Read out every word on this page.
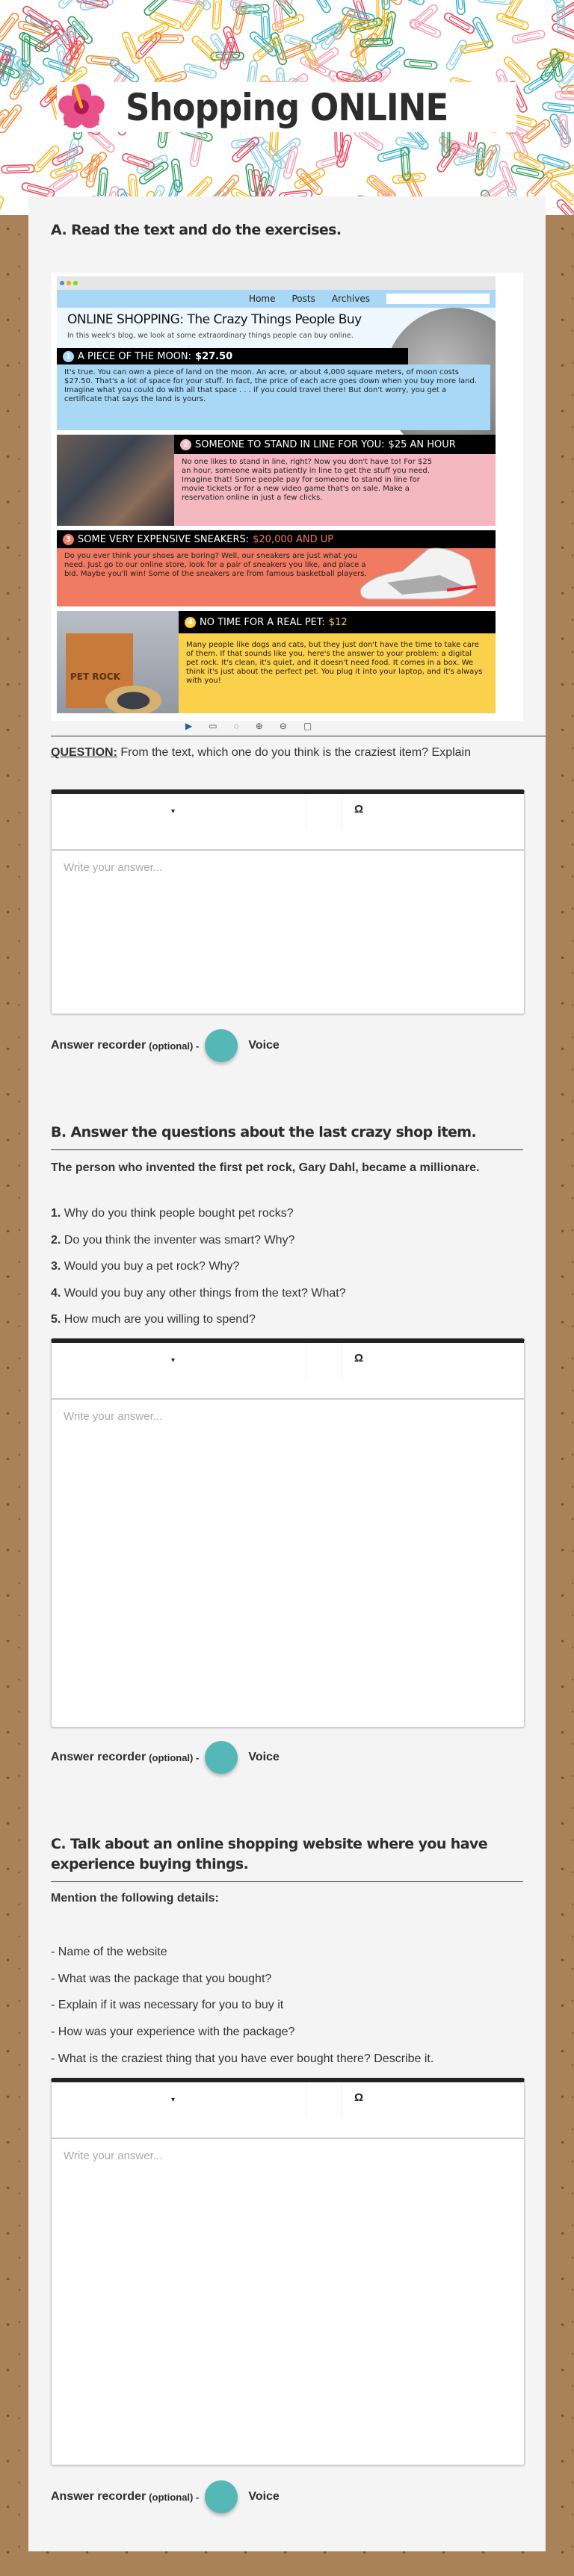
Shopping ONLINE
A. Read the text and do the exercises.
Home Posts Archives
ONLINE SHOPPING: The Crazy Things People Buy
In this week's blog, we look at some extraordinary things people can buy online.
1 A PIECE OF THE MOON: $27.50
It's true. You can own a piece of land on the moon. An acre, or about 4,000 square meters, of moon costs $27.50. That's a lot of space for your stuff. In fact, the price of each acre goes down when you buy more land. Imagine what you could do with all that space . . . if you could travel there! But don't worry, you get a certificate that says the land is yours.
2 SOMEONE TO STAND IN LINE FOR YOU: $25 AN HOUR
No one likes to stand in line, right? Now you don't have to! For $25 an hour, someone waits patiently in line to get the stuff you need. Imagine that! Some people pay for someone to stand in line for movie tickets or for a new video game that's on sale. Make a reservation online in just a few clicks.
3 SOME VERY EXPENSIVE SNEAKERS: $20,000 AND UP
Do you ever think your shoes are boring? Well, our sneakers are just what you need. Just go to our online store, look for a pair of sneakers you like, and place a bid. Maybe you'll win! Some of the sneakers are from famous basketball players.
PET ROCK
4 NO TIME FOR A REAL PET: $12
Many people like dogs and cats, but they just don't have the time to take care of them. If that sounds like you, here's the answer to your problem: a digital pet rock. It's clean, it's quiet, and it doesn't need food. It comes in a box. We think it's just about the perfect pet. You plug it into your laptop, and it's always with you!
▶ ▭ ◌ ⊕ ⊖ ▢
QUESTION: From the text, which one do you think is the craziest item? Explain
▾	Ω
Write your answer...
Answer recorder (optional) -	Voice
B. Answer the questions about the last crazy shop item.
The person who invented the first pet rock, Gary Dahl, became a millionare.
1. Why do you think people bought pet rocks?
2. Do you think the inventer was smart? Why?
3. Would you buy a pet rock? Why?
4. Would you buy any other things from the text? What?
5. How much are you willing to spend?
▾	Ω
Write your answer...
Answer recorder (optional) -	Voice
C. Talk about an online shopping website where you have experience buying things.
Mention the following details:
- Name of the website
- What was the package that you bought?
- Explain if it was necessary for you to buy it
- How was your experience with the package?
- What is the craziest thing that you have ever bought there? Describe it.
▾	Ω
Write your answer...
Answer recorder (optional) -	Voice
